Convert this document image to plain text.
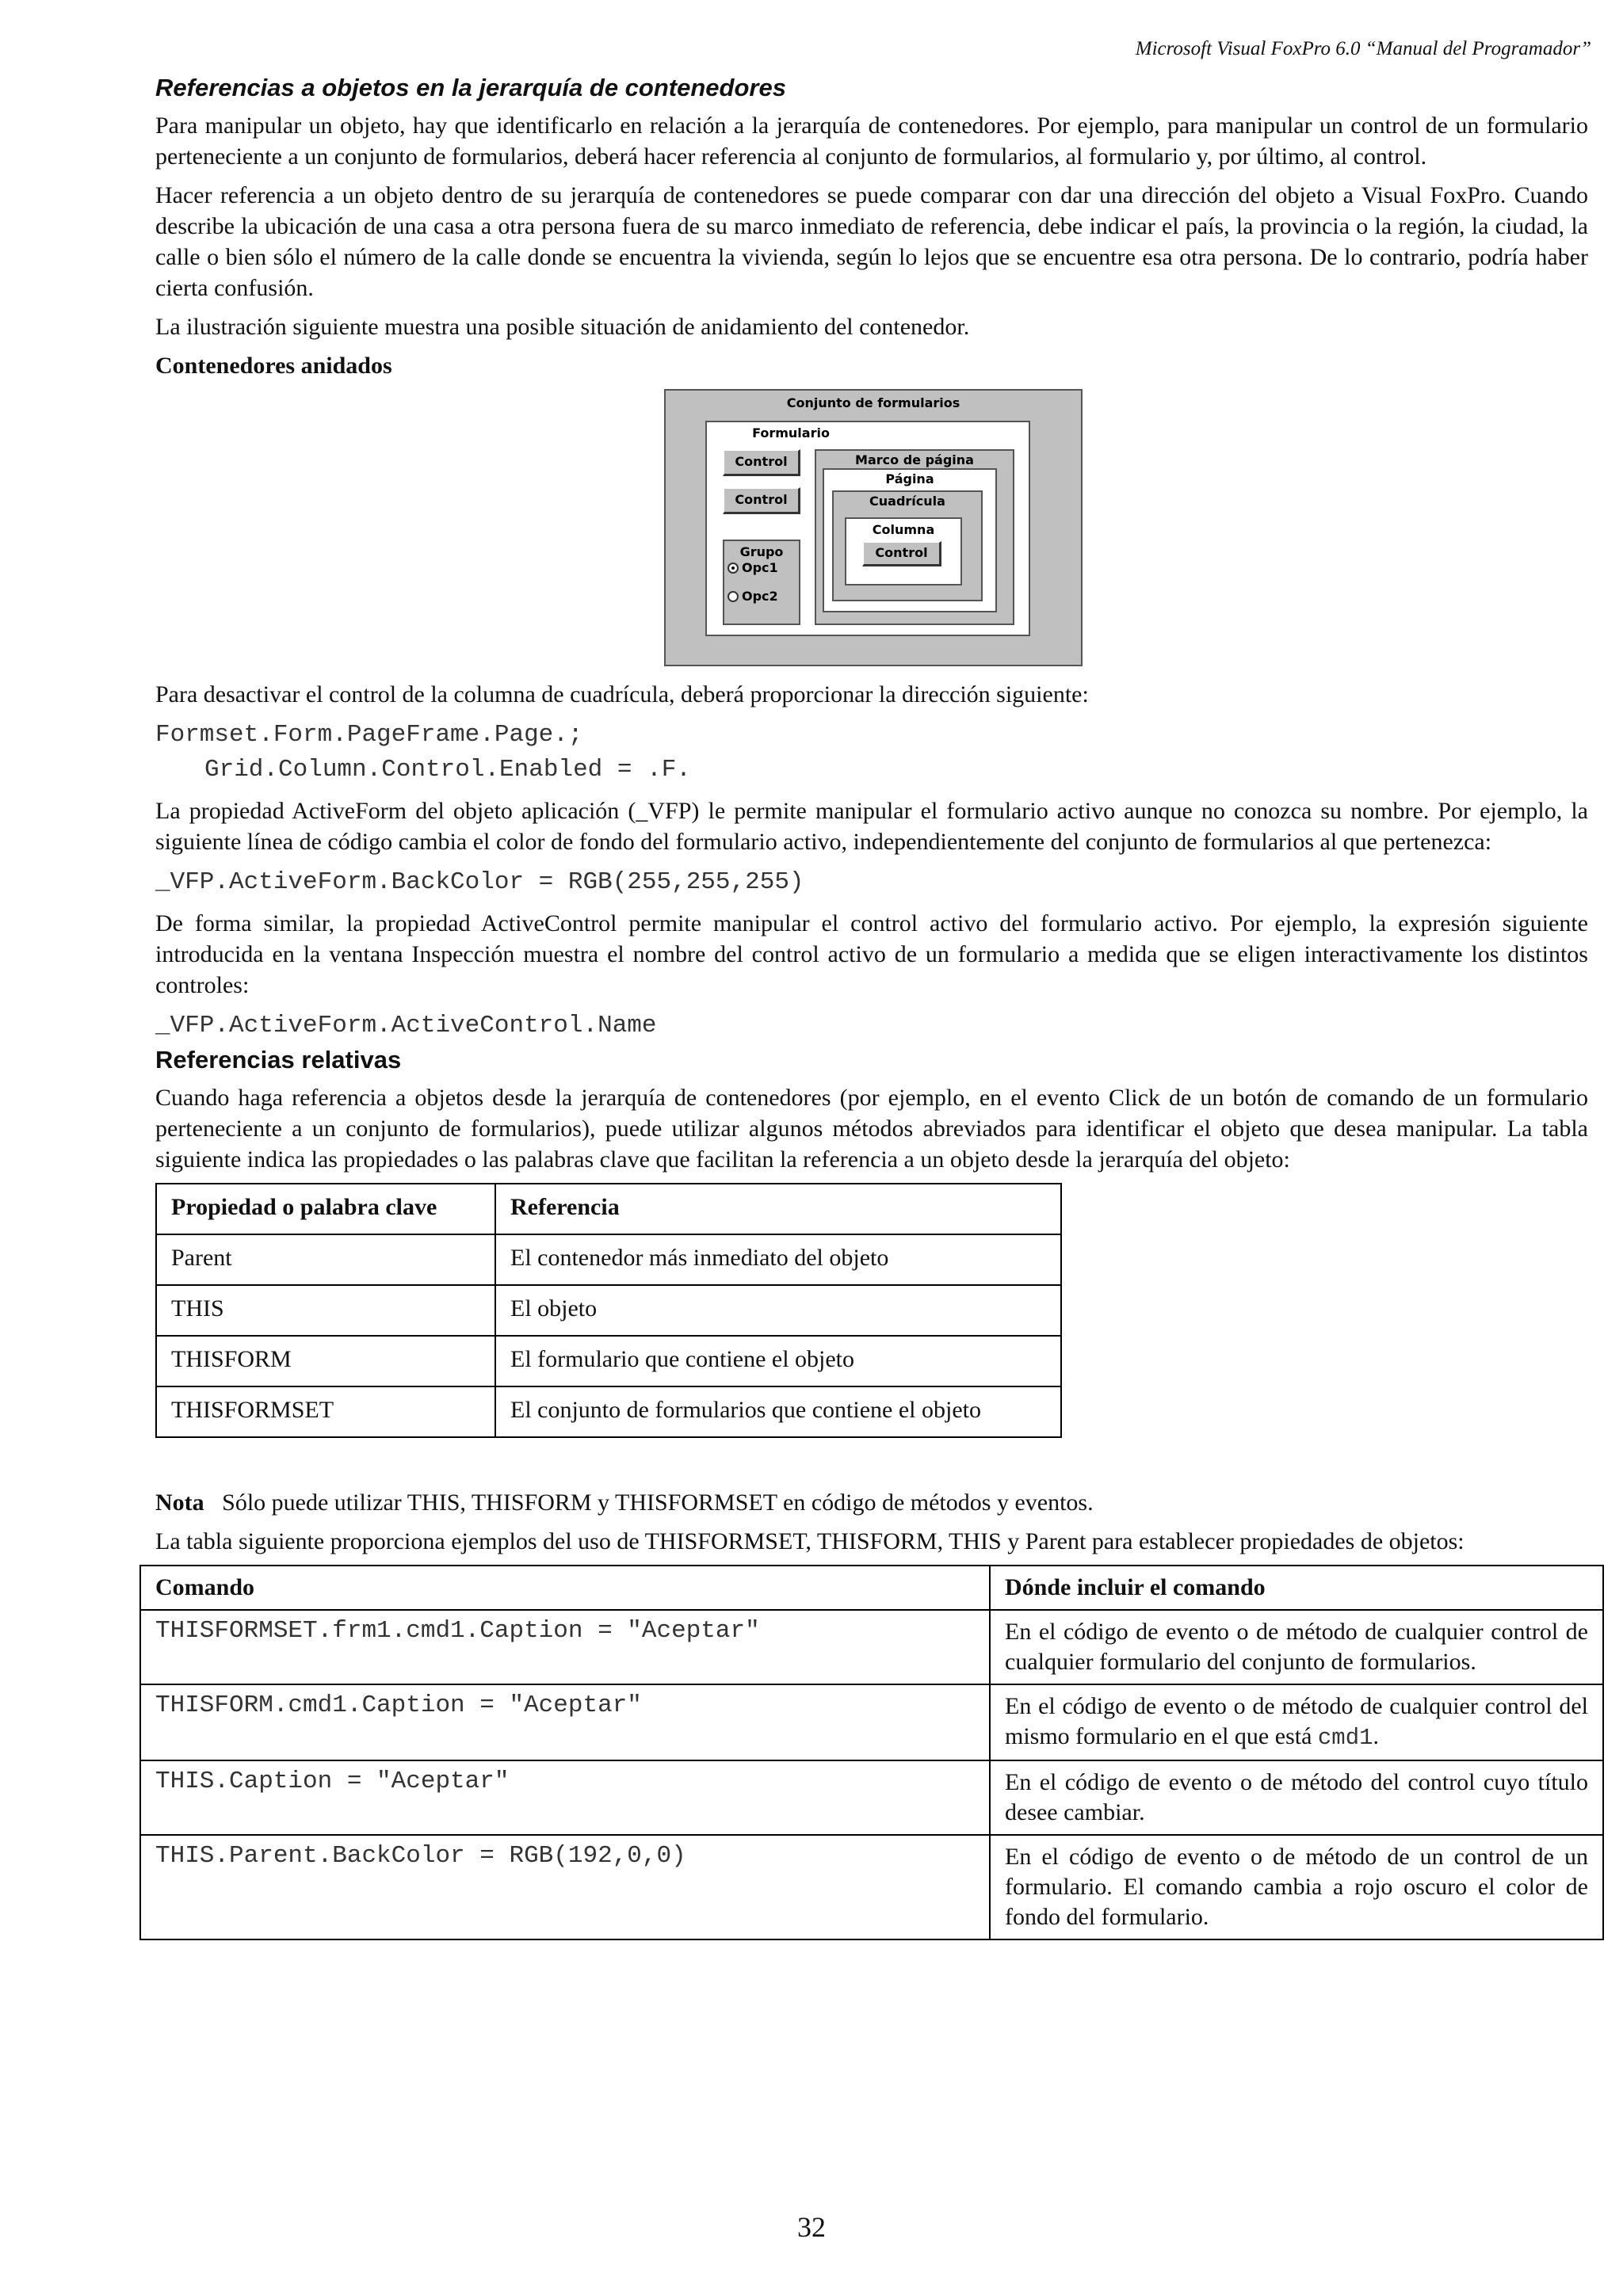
Microsoft Visual FoxPro 6.0 “Manual del Programador”
Referencias a objetos en la jerarquía de contenedores

Para manipular un objeto, hay que identificarlo en relación a la jerarquía de contenedores. Por ejemplo, para manipular un control de un formulario perteneciente a un conjunto de formularios, deberá hacer referencia al conjunto de formularios, al formulario y, por último, al control.

Hacer referencia a un objeto dentro de su jerarquía de contenedores se puede comparar con dar una dirección del objeto a Visual FoxPro. Cuando describe la ubicación de una casa a otra persona fuera de su marco inmediato de referencia, debe indicar el país, la provincia o la región, la ciudad, la calle o bien sólo el número de la calle donde se encuentra la vivienda, según lo lejos que se encuentre esa otra persona. De lo contrario, podría haber cierta confusión.

La ilustración siguiente muestra una posible situación de anidamiento del contenedor.

Contenedores anidados

Conjunto de formularios
Formulario
Control
Control
Grupo
Opc1
Opc2
Marco de página
Página
Cuadrícula
Columna
Control

Para desactivar el control de la columna de cuadrícula, deberá proporcionar la dirección siguiente:

Formset.Form.PageFrame.Page.;
Grid.Column.Control.Enabled = .F.

La propiedad ActiveForm del objeto aplicación (_VFP) le permite manipular el formulario activo aunque no conozca su nombre. Por ejemplo, la siguiente línea de código cambia el color de fondo del formulario activo, independientemente del conjunto de formularios al que pertenezca:

_VFP.ActiveForm.BackColor = RGB(255,255,255)

De forma similar, la propiedad ActiveControl permite manipular el control activo del formulario activo. Por ejemplo, la expresión siguiente introducida en la ventana Inspección muestra el nombre del control activo de un formulario a medida que se eligen interactivamente los distintos controles:

_VFP.ActiveForm.ActiveControl.Name
Referencias relativas

Cuando haga referencia a objetos desde la jerarquía de contenedores (por ejemplo, en el evento Click de un botón de comando de un formulario perteneciente a un conjunto de formularios), puede utilizar algunos métodos abreviados para identificar el objeto que desea manipular. La tabla siguiente indica las propiedades o las palabras clave que facilitan la referencia a un objeto desde la jerarquía del objeto:

Propiedad o palabra clave	Referencia
Parent	El contenedor más inmediato del objeto
THIS	El objeto
THISFORM	El formulario que contiene el objeto
THISFORMSET	El conjunto de formularios que contiene el objeto

Nota Sólo puede utilizar THIS, THISFORM y THISFORMSET en código de métodos y eventos.

La tabla siguiente proporciona ejemplos del uso de THISFORMSET, THISFORM, THIS y Parent para establecer propiedades de objetos:

Comando	Dónde incluir el comando
THISFORMSET.frm1.cmd1.Caption = "Aceptar"	En el código de evento o de método de cualquier control de cualquier formulario del conjunto de formularios.
THISFORM.cmd1.Caption = "Aceptar"	En el código de evento o de método de cualquier control del mismo formulario en el que está cmd1.
THIS.Caption = "Aceptar"	En el código de evento o de método del control cuyo título desee cambiar.
THIS.Parent.BackColor = RGB(192,0,0)	En el código de evento o de método de un control de un formulario. El comando cambia a rojo oscuro el color de fondo del formulario.
32
